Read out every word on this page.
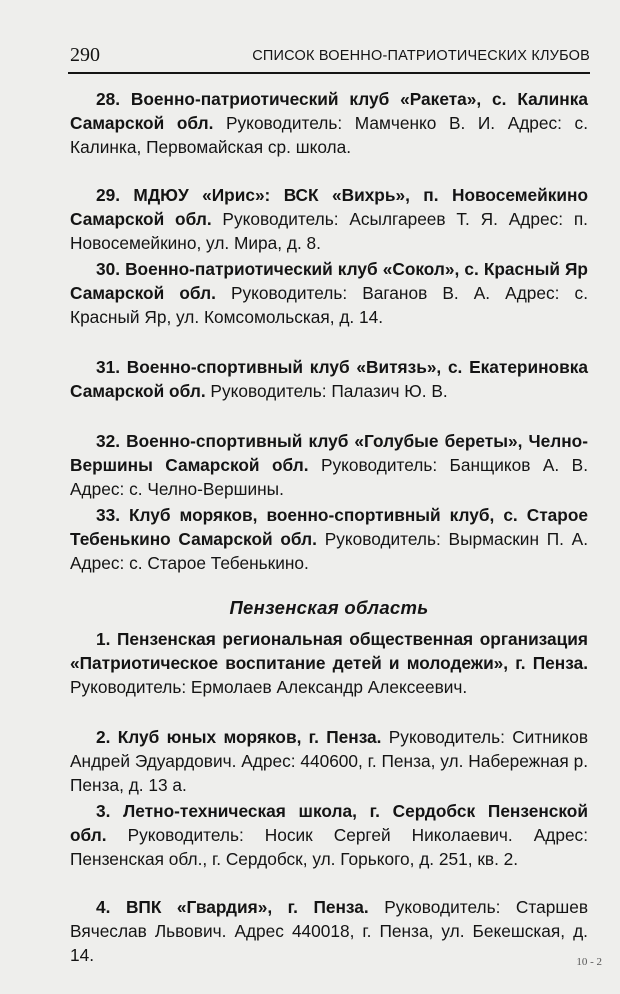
290	СПИСОК ВОЕННО-ПАТРИОТИЧЕСКИХ КЛУБОВ

28. Военно-патриотический клуб «Ракета», с. Калинка Самарской обл. Руководитель: Мамченко В. И. Адрес: с. Калинка, Первомайская ср. школа.

29. МДЮУ «Ирис»: ВСК «Вихрь», п. Новосемейкино Самарской обл. Руководитель: Асылгареев Т. Я. Адрес: п. Новосемейкино, ул. Мира, д. 8.

30. Военно-патриотический клуб «Сокол», с. Красный Яр Самарской обл. Руководитель: Ваганов В. А. Адрес: с. Красный Яр, ул. Комсомольская, д. 14.

31. Военно-спортивный клуб «Витязь», с. Екатериновка Самарской обл. Руководитель: Палазич Ю. В.

32. Военно-спортивный клуб «Голубые береты», Челно-Вершины Самарской обл. Руководитель: Банщиков А. В. Адрес: с. Челно-Вершины.

33. Клуб моряков, военно-спортивный клуб, с. Старое Тебенькино Самарской обл. Руководитель: Вырмаскин П. А. Адрес: с. Старое Тебенькино.

Пензенская область

1. Пензенская региональная общественная организация «Патриотическое воспитание детей и молодежи», г. Пенза. Руководитель: Ермолаев Александр Алексеевич.

2. Клуб юных моряков, г. Пенза. Руководитель: Ситников Андрей Эдуардович. Адрес: 440600, г. Пенза, ул. Набережная р. Пенза, д. 13 а.

3. Летно-техническая школа, г. Сердобск Пензенской обл. Руководитель: Носик Сергей Николаевич. Адрес: Пензенская обл., г. Сердобск, ул. Горького, д. 251, кв. 2.

4. ВПК «Гвардия», г. Пенза. Руководитель: Старшев Вячеслав Львович. Адрес 440018, г. Пенза, ул. Бекешская, д. 14.	10 - 2
